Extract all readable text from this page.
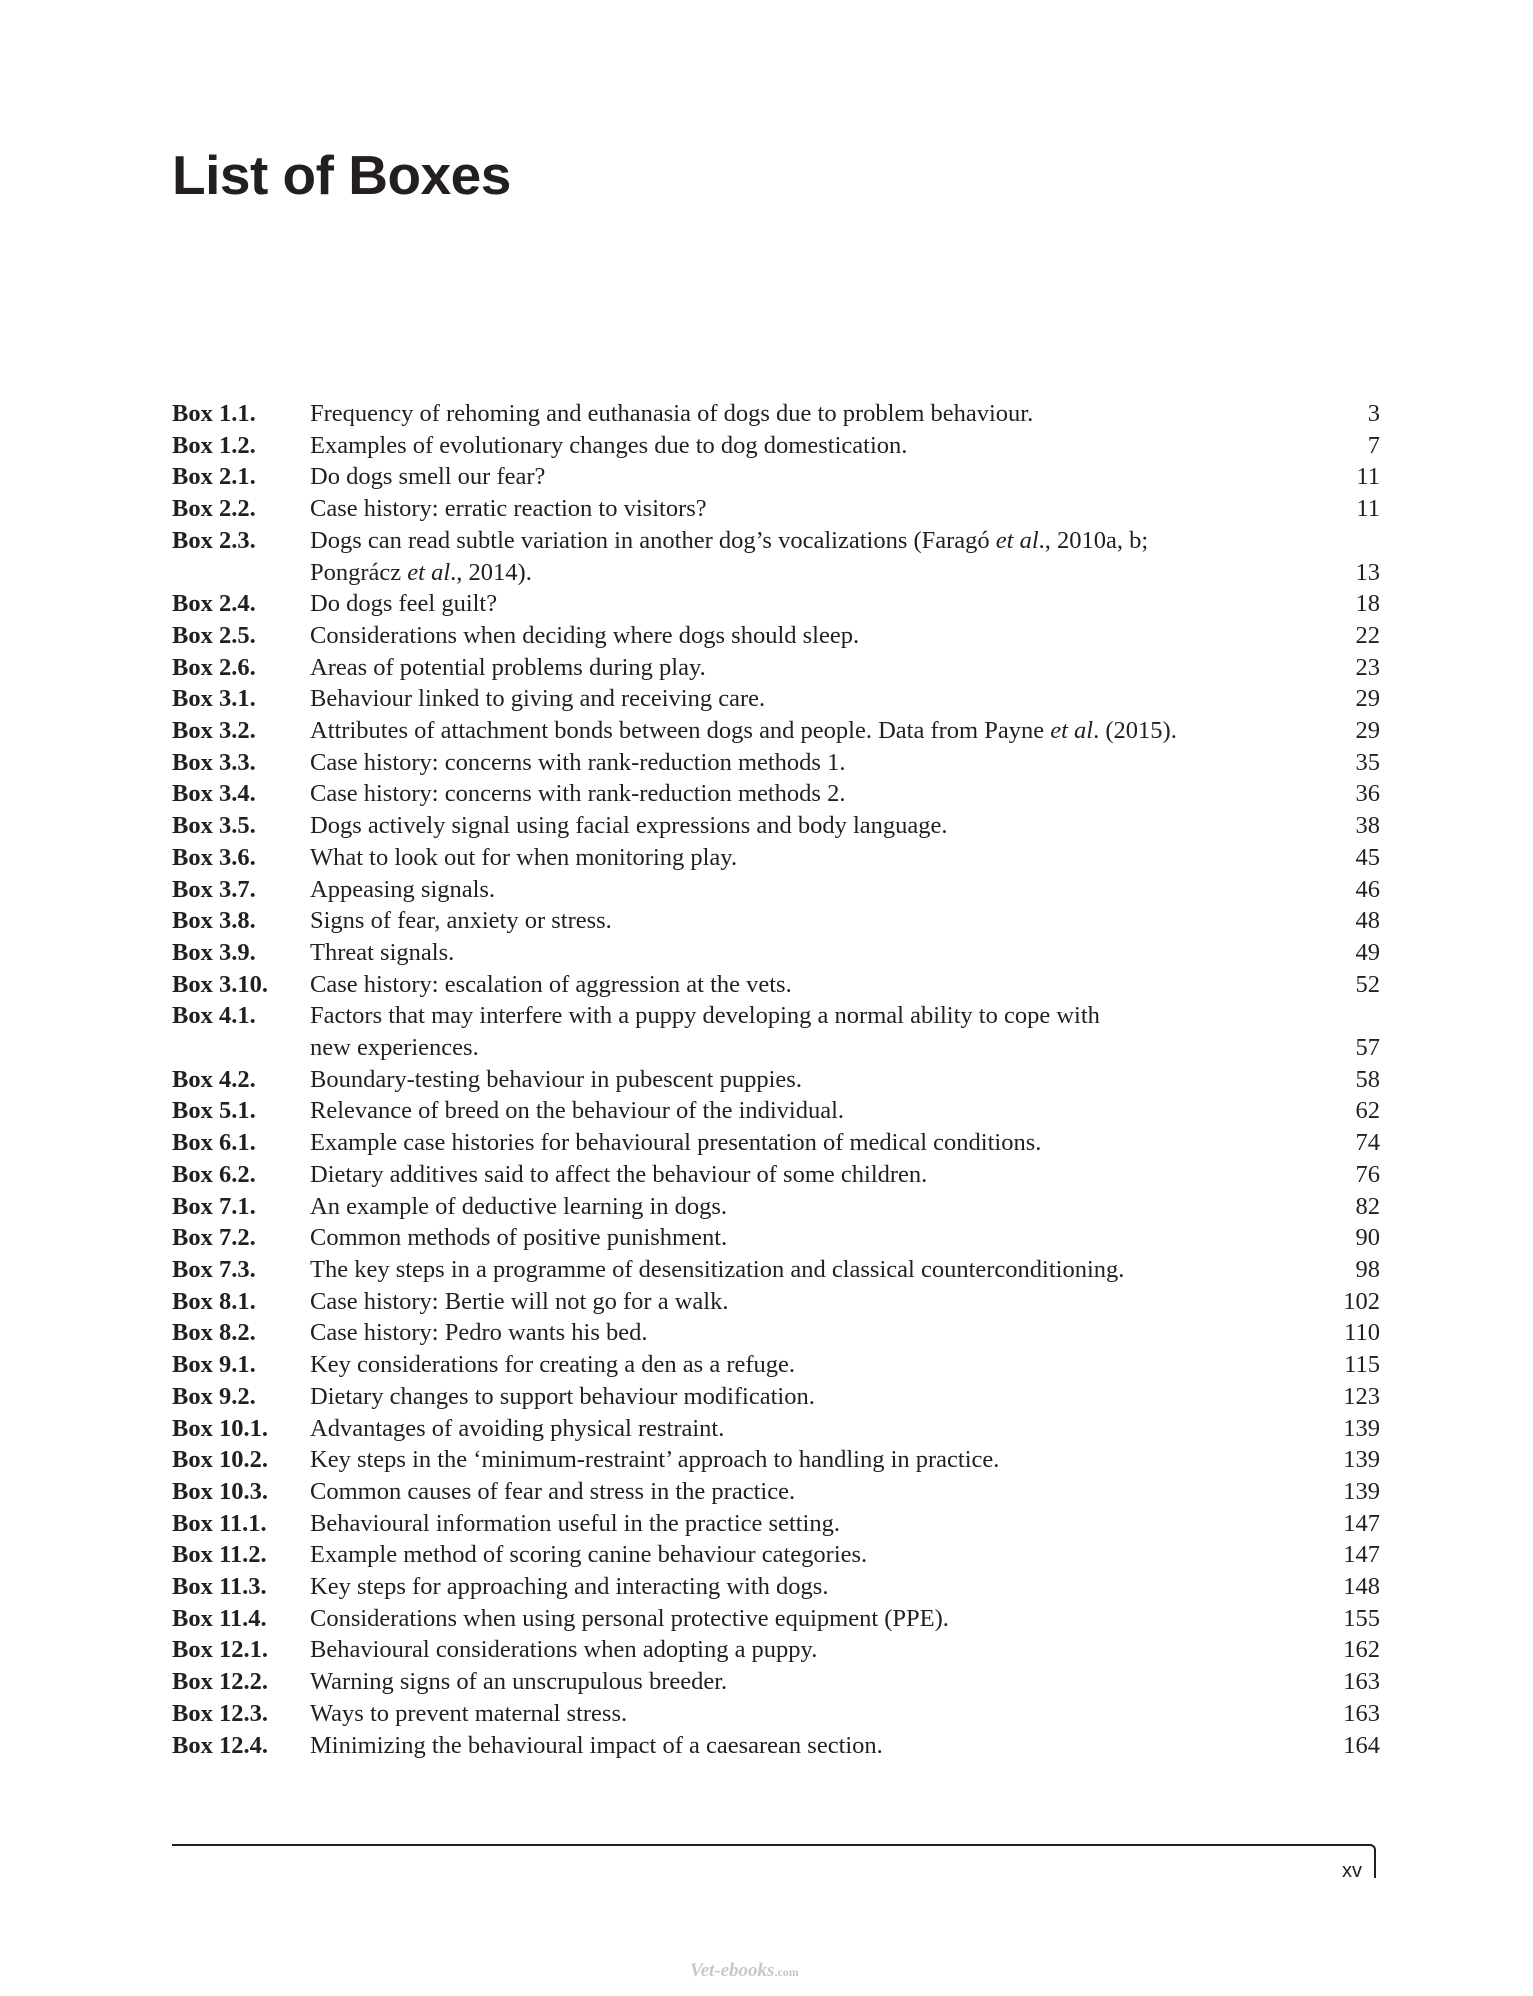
List of Boxes
Box 1.1.	Frequency of rehoming and euthanasia of dogs due to problem behaviour.	3
Box 1.2.	Examples of evolutionary changes due to dog domestication.	7
Box 2.1.	Do dogs smell our fear?	11
Box 2.2.	Case history: erratic reaction to visitors?	11
Box 2.3.	Dogs can read subtle variation in another dog’s vocalizations (Faragó et al., 2010a, b;
Pongrácz et al., 2014).	13
Box 2.4.	Do dogs feel guilt?	18
Box 2.5.	Considerations when deciding where dogs should sleep.	22
Box 2.6.	Areas of potential problems during play.	23
Box 3.1.	Behaviour linked to giving and receiving care.	29
Box 3.2.	Attributes of attachment bonds between dogs and people. Data from Payne et al. (2015).	29
Box 3.3.	Case history: concerns with rank-reduction methods 1.	35
Box 3.4.	Case history: concerns with rank-reduction methods 2.	36
Box 3.5.	Dogs actively signal using facial expressions and body language.	38
Box 3.6.	What to look out for when monitoring play.	45
Box 3.7.	Appeasing signals.	46
Box 3.8.	Signs of fear, anxiety or stress.	48
Box 3.9.	Threat signals.	49
Box 3.10.	Case history: escalation of aggression at the vets.	52
Box 4.1.	Factors that may interfere with a puppy developing a normal ability to cope with
new experiences.	57
Box 4.2.	Boundary-testing behaviour in pubescent puppies.	58
Box 5.1.	Relevance of breed on the behaviour of the individual.	62
Box 6.1.	Example case histories for behavioural presentation of medical conditions.	74
Box 6.2.	Dietary additives said to affect the behaviour of some children.	76
Box 7.1.	An example of deductive learning in dogs.	82
Box 7.2.	Common methods of positive punishment.	90
Box 7.3.	The key steps in a programme of desensitization and classical counterconditioning.	98
Box 8.1.	Case history: Bertie will not go for a walk.	102
Box 8.2.	Case history: Pedro wants his bed.	110
Box 9.1.	Key considerations for creating a den as a refuge.	115
Box 9.2.	Dietary changes to support behaviour modification.	123
Box 10.1.	Advantages of avoiding physical restraint.	139
Box 10.2.	Key steps in the ‘minimum-restraint’ approach to handling in practice.	139
Box 10.3.	Common causes of fear and stress in the practice.	139
Box 11.1.	Behavioural information useful in the practice setting.	147
Box 11.2.	Example method of scoring canine behaviour categories.	147
Box 11.3.	Key steps for approaching and interacting with dogs.	148
Box 11.4.	Considerations when using personal protective equipment (PPE).	155
Box 12.1.	Behavioural considerations when adopting a puppy.	162
Box 12.2.	Warning signs of an unscrupulous breeder.	163
Box 12.3.	Ways to prevent maternal stress.	163
Box 12.4.	Minimizing the behavioural impact of a caesarean section.	164
xv
Vet-ebooks.com
